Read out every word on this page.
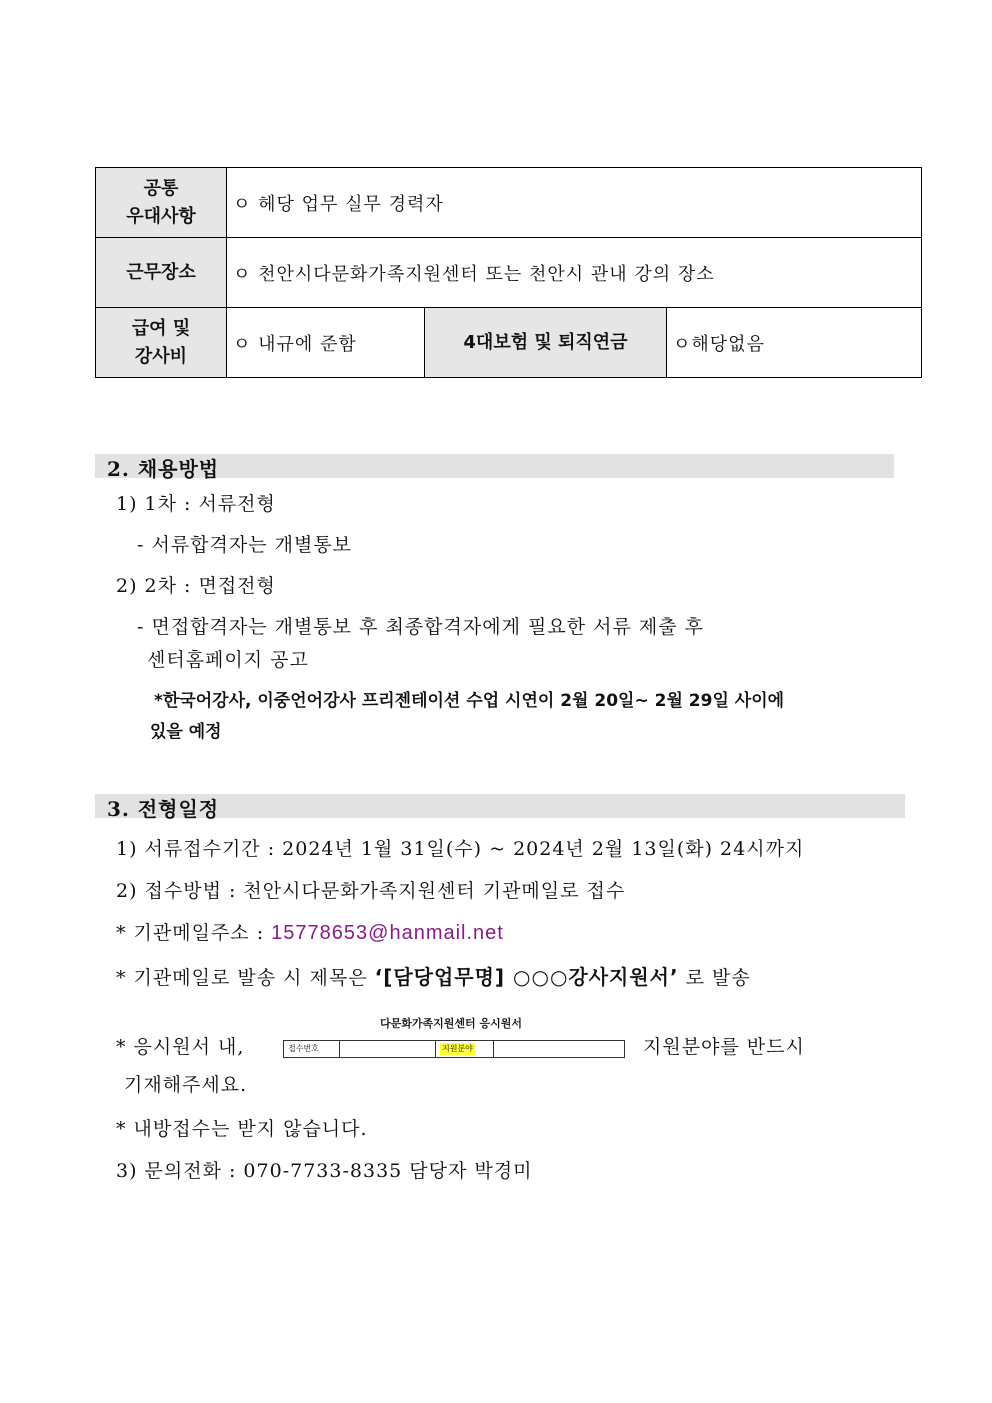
공통
우대사항	ㅇ 헤당 업무 실무 경력자		
근무장소	ㅇ 천안시다문화가족지원센터 또는 천안시 관내 강의 장소		
급여 및
강사비	ㅇ 내규에 준함	4대보험 및 퇴직연금	ㅇ해당없음
2. 채용방법
1) 1차 : 서류전형
- 서류합격자는 개별통보
2) 2차 : 면접전형
- 면접합격자는 개별통보 후 최종합격자에게 필요한 서류 제출 후
센터홈페이지 공고
*한국어강사, 이중언어강사 프리젠테이션 수업 시연이 2월 20일~ 2월 29일 사이에
있을 예정
3. 전형일정
1) 서류접수기간 : 2024년 1월 31일(수) ~ 2024년 2월 13일(화) 24시까지
2) 접수방법 : 천안시다문화가족지원센터 기관메일로 접수
* 기관메일주소 : 15778653@hanmail.net
* 기관메일로 발송 시 제목은 ‘[담당업무명] ○○○강사지원서’ 로 발송
* 응시원서 내,
다문화가족지원센터 응시원서
접수번호	지원분야	지원분야를 반드시
기재해주세요.
* 내방접수는 받지 않습니다.
3) 문의전화 : 070-7733-8335 담당자 박경미
